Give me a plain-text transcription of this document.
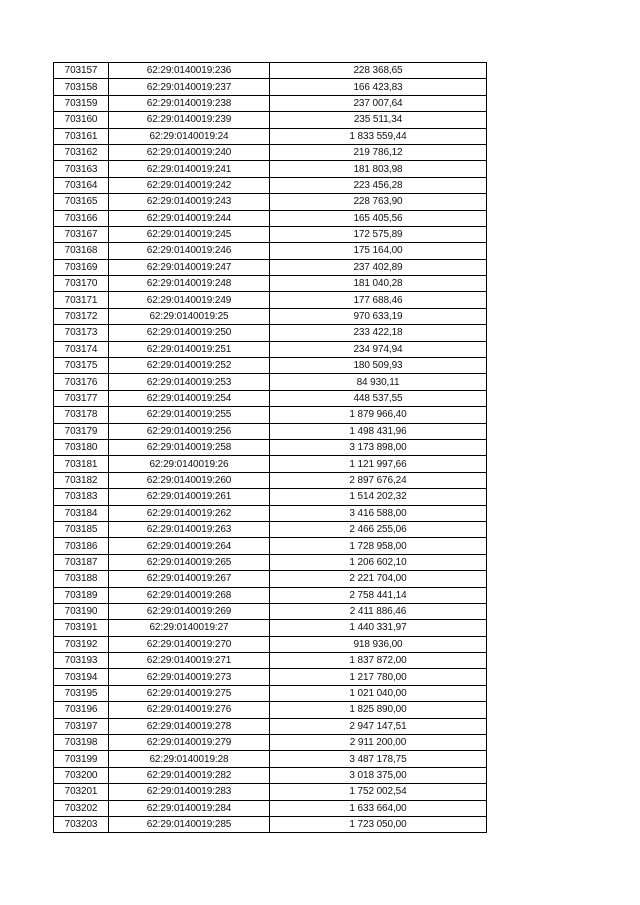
703157	62:29:0140019:236	228 368,65
703158	62:29:0140019:237	166 423,83
703159	62:29:0140019:238	237 007,64
703160	62:29:0140019:239	235 511,34
703161	62:29:0140019:24	1 833 559,44
703162	62:29:0140019:240	219 786,12
703163	62:29:0140019:241	181 803,98
703164	62:29:0140019:242	223 456,28
703165	62:29:0140019:243	228 763,90
703166	62:29:0140019:244	165 405,56
703167	62:29:0140019:245	172 575,89
703168	62:29:0140019:246	175 164,00
703169	62:29:0140019:247	237 402,89
703170	62:29:0140019:248	181 040,28
703171	62:29:0140019:249	177 688,46
703172	62:29:0140019:25	970 633,19
703173	62:29:0140019:250	233 422,18
703174	62:29:0140019:251	234 974,94
703175	62:29:0140019:252	180 509,93
703176	62:29:0140019:253	84 930,11
703177	62:29:0140019:254	448 537,55
703178	62:29:0140019:255	1 879 966,40
703179	62:29:0140019:256	1 498 431,96
703180	62:29:0140019:258	3 173 898,00
703181	62:29:0140019:26	1 121 997,66
703182	62:29:0140019:260	2 897 676,24
703183	62:29:0140019:261	1 514 202,32
703184	62:29:0140019:262	3 416 588,00
703185	62:29:0140019:263	2 466 255,06
703186	62:29:0140019:264	1 728 958,00
703187	62:29:0140019:265	1 206 602,10
703188	62:29:0140019:267	2 221 704,00
703189	62:29:0140019:268	2 758 441,14
703190	62:29:0140019:269	2 411 886,46
703191	62:29:0140019:27	1 440 331,97
703192	62:29:0140019:270	918 936,00
703193	62:29:0140019:271	1 837 872,00
703194	62:29:0140019:273	1 217 780,00
703195	62:29:0140019:275	1 021 040,00
703196	62:29:0140019:276	1 825 890,00
703197	62:29:0140019:278	2 947 147,51
703198	62:29:0140019:279	2 911 200,00
703199	62:29:0140019:28	3 487 178,75
703200	62:29:0140019:282	3 018 375,00
703201	62:29:0140019:283	1 752 002,54
703202	62:29:0140019:284	1 633 664,00
703203	62:29:0140019:285	1 723 050,00
